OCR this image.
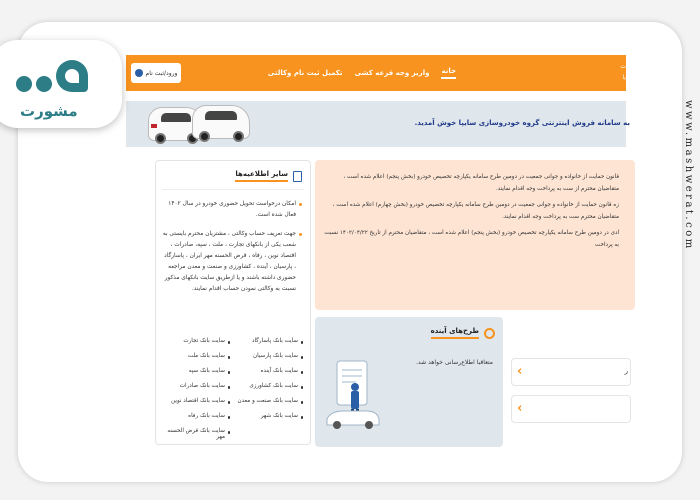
www.mashwerat.com
ورود/ثبت نام	خانه
واریز وجه قرعه کشی
تکمیل ثبت نام وکالتی
ت
یا
به سامانه فروش اینترنتی گروه خودروسازی سایپا خوش آمدید.
سایر اطلاعیه‌ها

امکان درخواست تحویل حضوری خودرو در سال ۱۴۰۲ فعال شده است.

جهت تعریف حساب وکالتی ، مشتریان محترم بایستی به شعب یکی از بانکهای تجارت ، ملت ، سپه، صادرات ، اقتصاد نوین ، رفاه ، قرض الحسنه مهر ایران ، پاسارگاد ، پارسیان ، آینده ، کشاورزی و صنعت و معدن مراجعه حضوری داشته باشند و یا ازطریق سایت بانکهای مذکور نسبت به وکالتی نمودن حساب اقدام نمایند.

سایت بانک تجارت
سایت بانک ملت
سایت بانک سپه
سایت بانک صادرات
سایت بانک اقتصاد نوین
سایت بانک رفاه
سایت بانک قرض الحسنه مهر
سایت بانک پاسارگاد
سایت بانک پارسیان
سایت بانک آینده
سایت بانک کشاورزی
سایت بانک صنعت و معدن
سایت بانک شهر

قانون حمایت از خانواده و جوانی جمعیت در دومین طرح سامانه یکپارچه تخصیص خودرو (بخش پنجم) اعلام شده است ، متقاضیان محترم از ست به پرداخت وجه اقدام نمایند.

زه قانون حمایت از خانواده و جوانی جمعیت در دومین طرح سامانه یکپارچه تخصیص خودرو (بخش چهارم) اعلام شده است ، متقاضیان محترم ست به پرداخت وجه اقدام نمایند.

ادی در دومین طرح سامانه یکپارچه تخصیص خودرو (بخش پنجم) اعلام شده است ، متقاضیان محترم از تاریخ ۱۴۰۲/۰۴/۲۲ نسبت به پرداخت

طرح‌های آینده
متعاقبا اطلاع‌رسانی خواهد شد.
‹	ر
‹
مشورت
